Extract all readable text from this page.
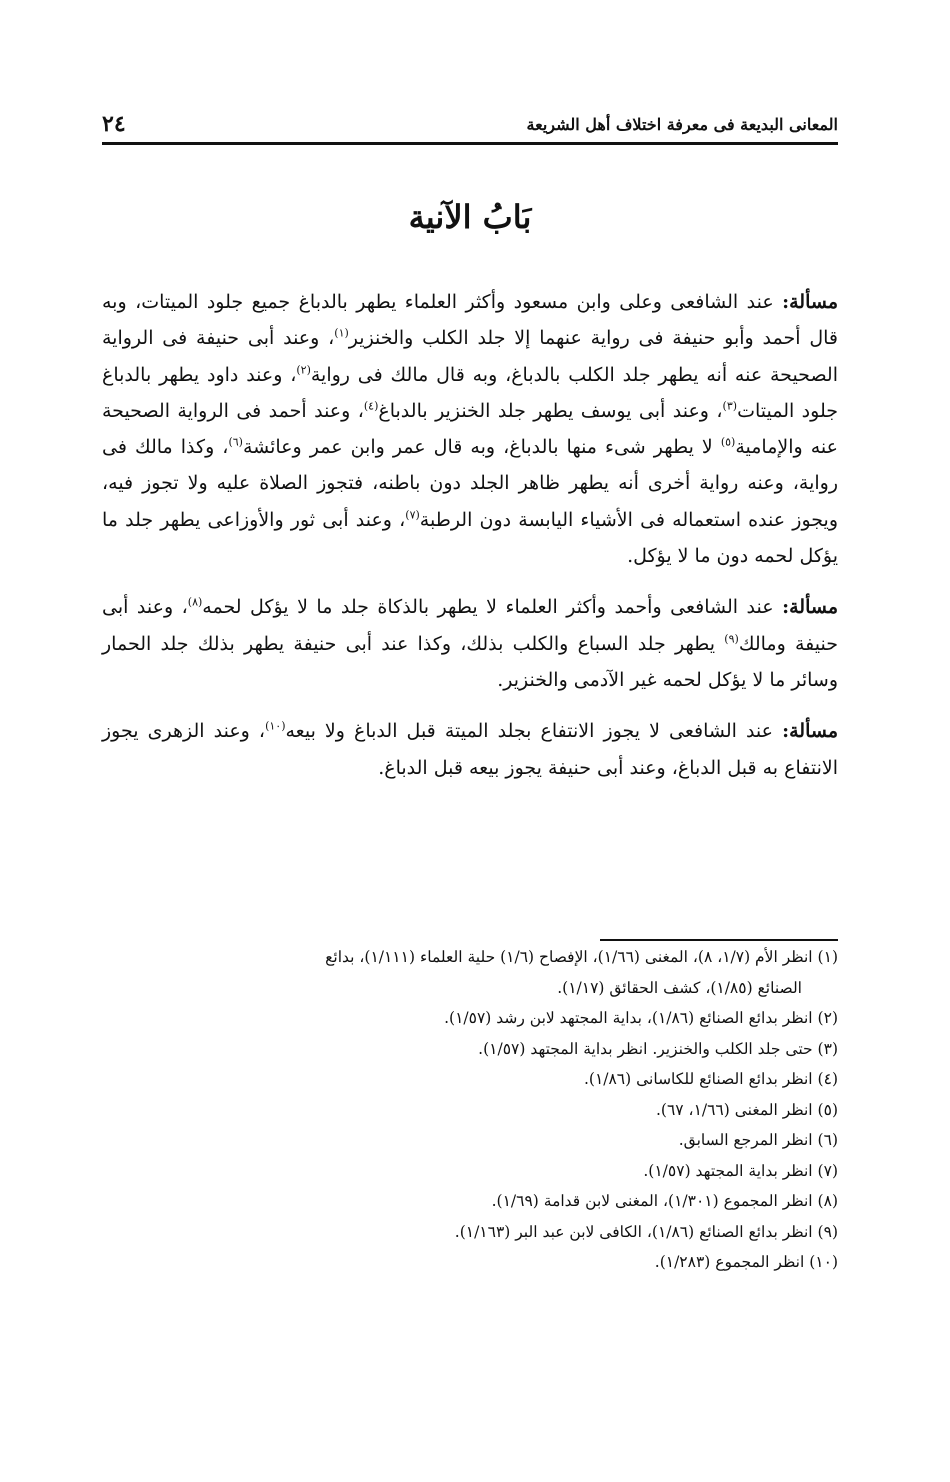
المعانى البديعة فى معرفة اختلاف أهل الشريعة
٢٤
بَابُ الآنية

مسألة: عند الشافعى وعلى وابن مسعود وأكثر العلماء يطهر بالدباغ جميع جلود الميتات، وبه قال أحمد وأبو حنيفة فى رواية عنهما إلا جلد الكلب والخنزير$^{(١)}$، وعند أبى حنيفة فى الرواية الصحيحة عنه أنه يطهر جلد الكلب بالدباغ، وبه قال مالك فى رواية$^{(٢)}$، وعند داود يطهر بالدباغ جلود الميتات$^{(٣)}$، وعند أبى يوسف يطهر جلد الخنزير بالدباغ$^{(٤)}$، وعند أحمد فى الرواية الصحيحة عنه والإمامية$^{(٥)}$ لا يطهر شىء منها بالدباغ، وبه قال عمر وابن عمر وعائشة$^{(٦)}$، وكذا مالك فى رواية، وعنه رواية أخرى أنه يطهر ظاهر الجلد دون باطنه، فتجوز الصلاة عليه ولا تجوز فيه، ويجوز عنده استعماله فى الأشياء اليابسة دون الرطبة$^{(٧)}$، وعند أبى ثور والأوزاعى يطهر جلد ما يؤكل لحمه دون ما لا يؤكل.

مسألة: عند الشافعى وأحمد وأكثر العلماء لا يطهر بالذكاة جلد ما لا يؤكل لحمه$^{(٨)}$، وعند أبى حنيفة ومالك$^{(٩)}$ يطهر جلد السباع والكلب بذلك، وكذا عند أبى حنيفة يطهر بذلك جلد الحمار وسائر ما لا يؤكل لحمه غير الآدمى والخنزير.

مسألة: عند الشافعى لا يجوز الانتفاع بجلد الميتة قبل الدباغ ولا بيعه$^{(١٠)}$، وعند الزهرى يجوز الانتفاع به قبل الدباغ، وعند أبى حنيفة يجوز بيعه قبل الدباغ.

(١) انظر الأم (١/٧، ٨)، المغنى (١/٦٦)، الإفصاح (١/٦) حلية العلماء (١/١١١)، بدائع
الصنائع (١/٨٥)، كشف الحقائق (١/١٧).

(٢) انظر بدائع الصنائع (١/٨٦)، بداية المجتهد لابن رشد (١/٥٧).

(٣) حتى جلد الكلب والخنزير. انظر بداية المجتهد (١/٥٧).

(٤) انظر بدائع الصنائع للكاسانى (١/٨٦).

(٥) انظر المغنى (١/٦٦، ٦٧).

(٦) انظر المرجع السابق.

(٧) انظر بداية المجتهد (١/٥٧).

(٨) انظر المجموع (١/٣٠١)، المغنى لابن قدامة (١/٦٩).

(٩) انظر بدائع الصنائع (١/٨٦)، الكافى لابن عبد البر (١/١٦٣).

(١٠) انظر المجموع (١/٢٨٣).
